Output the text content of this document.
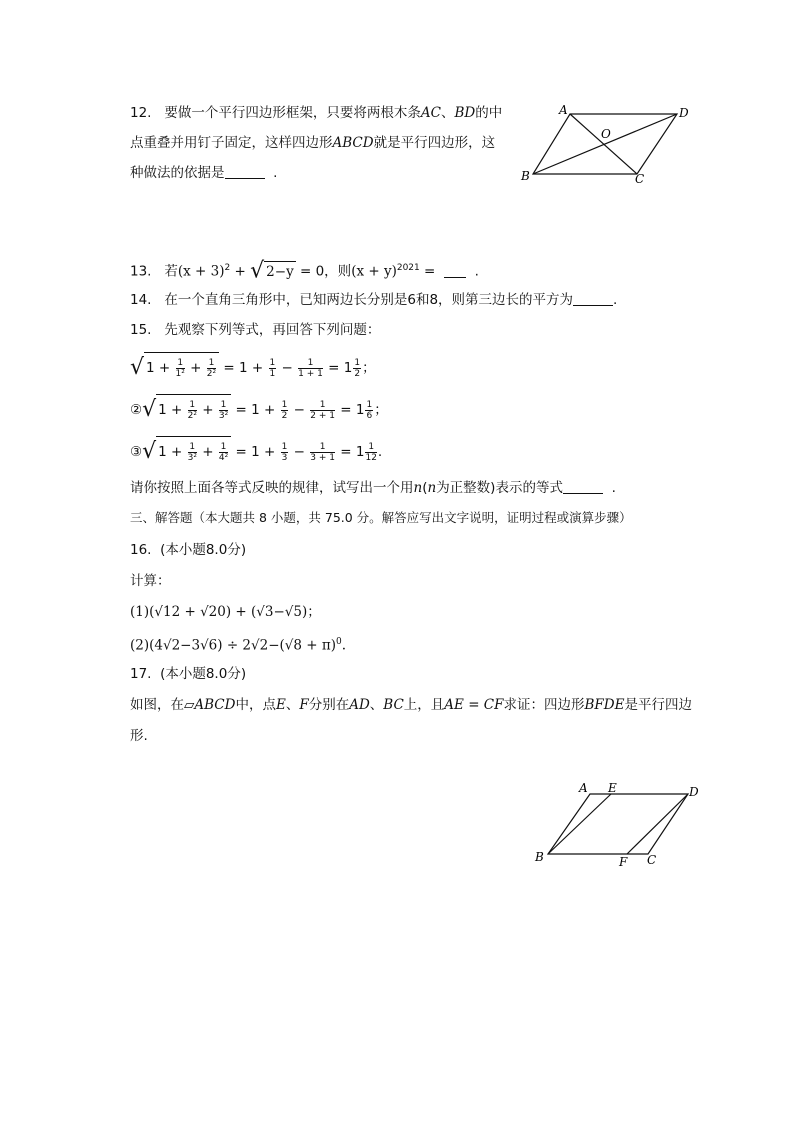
12. 要做一个平行四边形框架，只要将两根木条AC、BD的中
点重叠并用钉子固定，这样四边形ABCD就是平行四边形，这
种做法的依据是	.
A	D
B	C
O
13. 若$(x + 3)^2$ + √ 2−y = 0，则$(x + y)^{2021}$ =	.
14. 在一个直角三角形中，已知两边长分别是6和8，则第三边长的平方为	.
15. 先观察下列等式，再回答下列问题：
√ $1 + \frac{1}{\text{1²}} + \frac{1}{\text{2²}} = 1 + \frac{1}{1} - \frac{1}{1 + 1} = 1 \frac{1}{2}$ ；
②√ $1 + \frac{1}{\text{2²}} + \frac{1}{\text{3²}} = 1 + \frac{1}{2} - \frac{1}{2 + 1} = 1 \frac{1}{6}$ ；
③√ $1 + \frac{1}{\text{3²}} + \frac{1}{\text{4²}} = 1 + \frac{1}{3} - \frac{1}{3 + 1} = 1 \frac{1}{12}$ .
请你按照上面各等式反映的规律，试写出一个用n(n为正整数)表示的等式	.
三、解答题（本大题共 8 小题，共 75.0 分。解答应写出文字说明，证明过程或演算步骤）
16. (本小题8.0分)
计算：
(1)(√12 + √20) + (√3−√5)；
$(2)(4√2-3√6) \div 2√2-(√8 + \pi)^0$.
17. (本小题8.0分)
如图，在▱ABCD中，点E、F分别在AD、BC上，且AE = CF求证：四边形BFDE是平行四边
形.
A E	D
B	F C
